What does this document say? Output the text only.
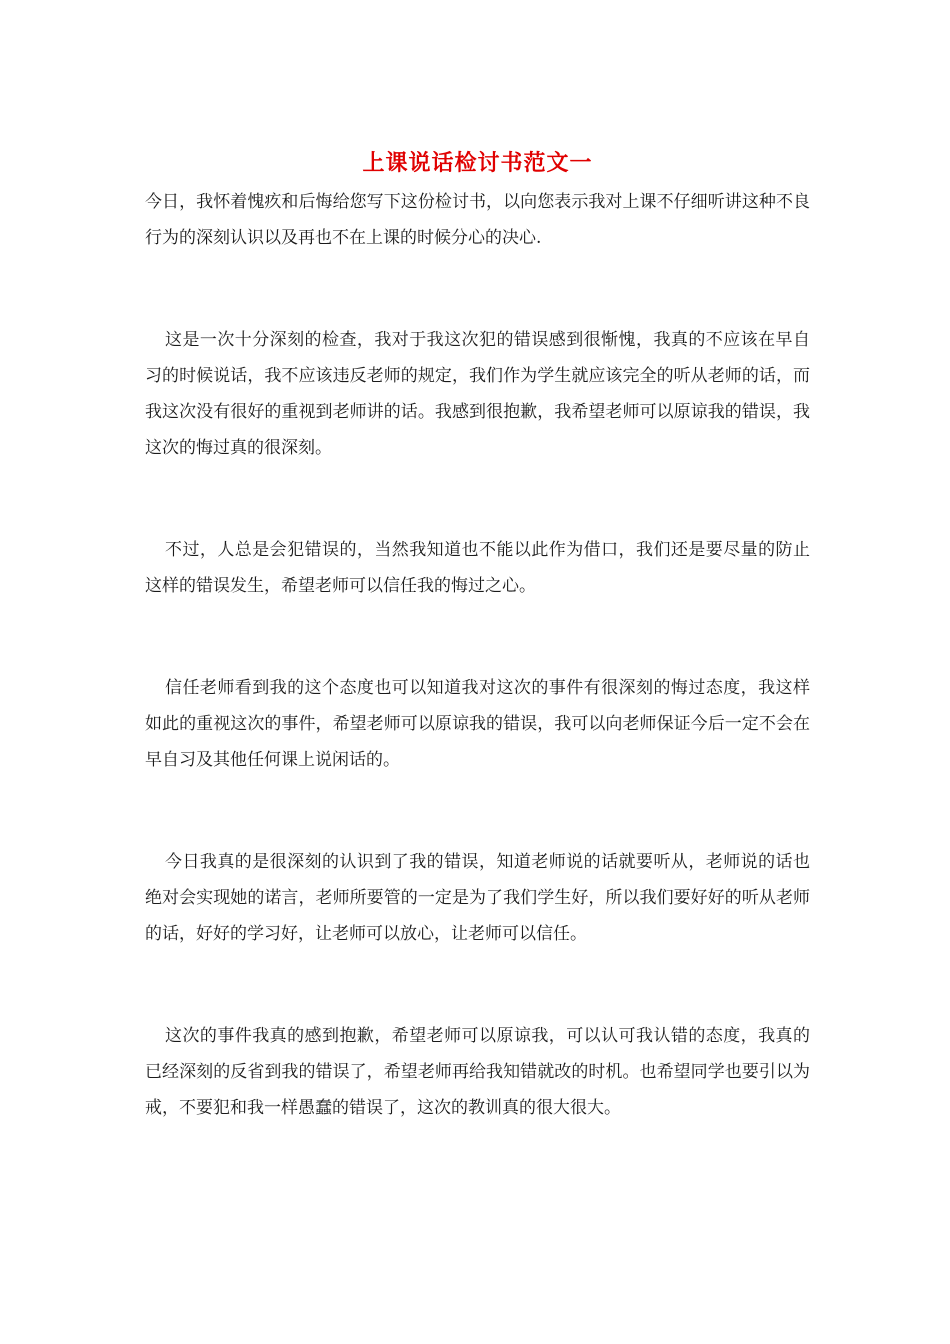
上课说话检讨书范文一

今日，我怀着愧疚和后悔给您写下这份检讨书，以向您表示我对上课不仔细听讲这种不良行为的深刻认识以及再也不在上课的时候分心的决心.

这是一次十分深刻的检查，我对于我这次犯的错误感到很惭愧，我真的不应该在早自习的时候说话，我不应该违反老师的规定，我们作为学生就应该完全的听从老师的话，而我这次没有很好的重视到老师讲的话。我感到很抱歉，我希望老师可以原谅我的错误，我这次的悔过真的很深刻。

不过，人总是会犯错误的，当然我知道也不能以此作为借口，我们还是要尽量的防止这样的错误发生，希望老师可以信任我的悔过之心。

信任老师看到我的这个态度也可以知道我对这次的事件有很深刻的悔过态度，我这样如此的重视这次的事件，希望老师可以原谅我的错误，我可以向老师保证今后一定不会在早自习及其他任何课上说闲话的。

今日我真的是很深刻的认识到了我的错误，知道老师说的话就要听从，老师说的话也绝对会实现她的诺言，老师所要管的一定是为了我们学生好，所以我们要好好的听从老师的话，好好的学习好，让老师可以放心，让老师可以信任。

这次的事件我真的感到抱歉，希望老师可以原谅我，可以认可我认错的态度，我真的已经深刻的反省到我的错误了，希望老师再给我知错就改的时机。也希望同学也要引以为戒，不要犯和我一样愚蠢的错误了，这次的教训真的很大很大。
